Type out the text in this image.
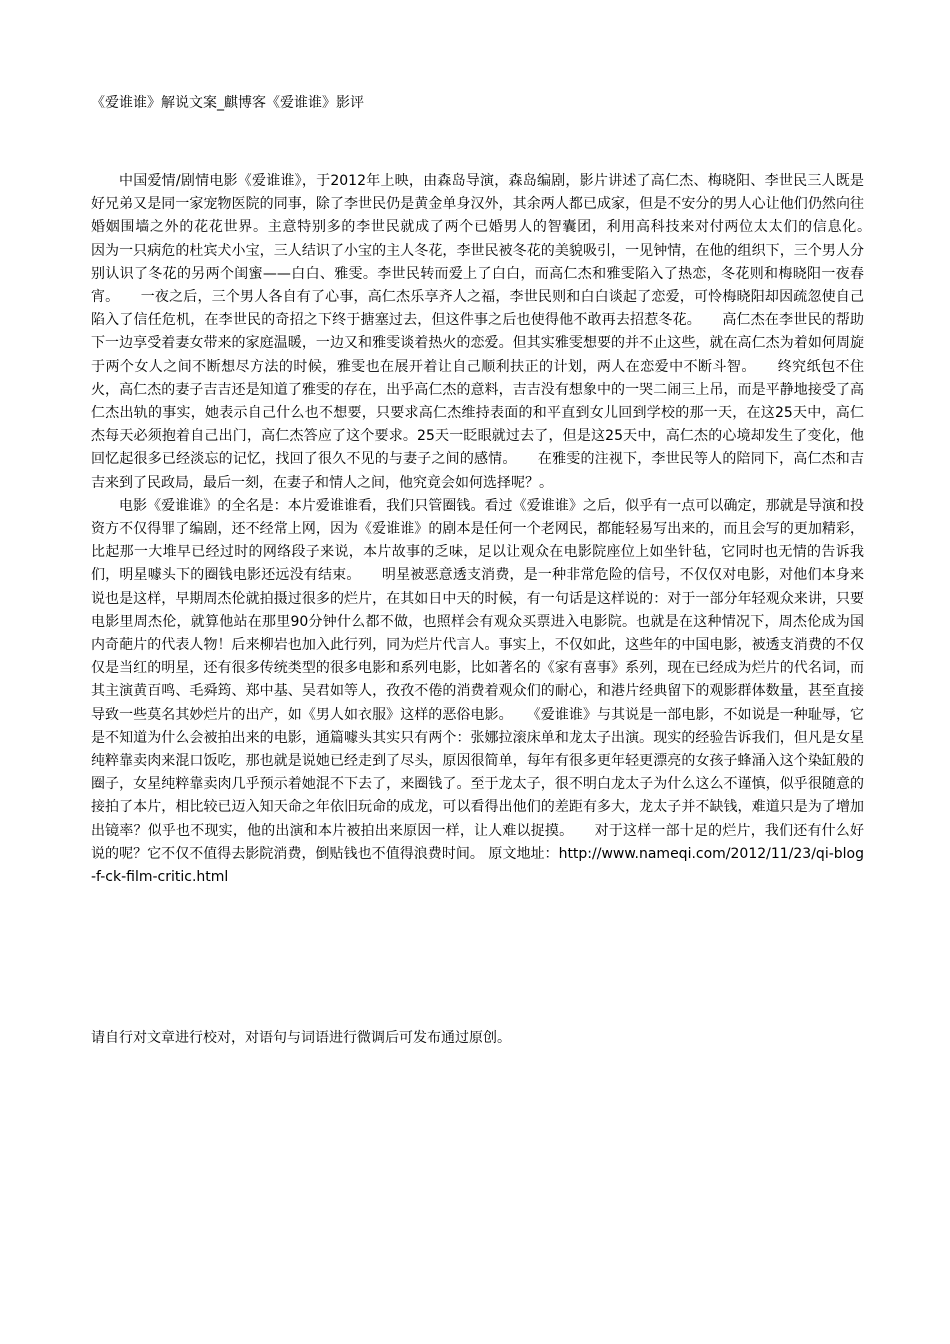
《爱谁谁》解说文案_麒博客《爱谁谁》影评

中国爱情/剧情电影《爱谁谁》，于2012年上映，由森岛导演，森岛编剧，影片讲述了高仁杰、梅晓阳、李世民三人既是好兄弟又是同一家宠物医院的同事，除了李世民仍是黄金单身汉外，其余两人都已成家，但是不安分的男人心让他们仍然向往婚姻围墙之外的花花世界。主意特别多的李世民就成了两个已婚男人的智囊团，利用高科技来对付两位太太们的信息化。　　因为一只病危的杜宾犬小宝，三人结识了小宝的主人冬花，李世民被冬花的美貌吸引，一见钟情，在他的组织下，三个男人分别认识了冬花的另两个闺蜜——白白、雅雯。李世民转而爱上了白白，而高仁杰和雅雯陷入了热恋，冬花则和梅晓阳一夜春宵。　　一夜之后，三个男人各自有了心事，高仁杰乐享齐人之福，李世民则和白白谈起了恋爱，可怜梅晓阳却因疏忽使自己陷入了信任危机，在李世民的奇招之下终于搪塞过去，但这件事之后也使得他不敢再去招惹冬花。　　高仁杰在李世民的帮助下一边享受着妻女带来的家庭温暖，一边又和雅雯谈着热火的恋爱。但其实雅雯想要的并不止这些，就在高仁杰为着如何周旋于两个女人之间不断想尽方法的时候，雅雯也在展开着让自己顺利扶正的计划，两人在恋爱中不断斗智。　　终究纸包不住火，高仁杰的妻子吉吉还是知道了雅雯的存在，出乎高仁杰的意料，吉吉没有想象中的一哭二闹三上吊，而是平静地接受了高仁杰出轨的事实，她表示自己什么也不想要，只要求高仁杰维持表面的和平直到女儿回到学校的那一天，在这25天中，高仁杰每天必须抱着自己出门，高仁杰答应了这个要求。25天一眨眼就过去了，但是这25天中，高仁杰的心境却发生了变化，他回忆起很多已经淡忘的记忆，找回了很久不见的与妻子之间的感情。　　在雅雯的注视下，李世民等人的陪同下，高仁杰和吉吉来到了民政局，最后一刻，在妻子和情人之间，他究竟会如何选择呢？。

电影《爱谁谁》的全名是：本片爱谁谁看，我们只管圈钱。看过《爱谁谁》之后，似乎有一点可以确定，那就是导演和投资方不仅得罪了编剧，还不经常上网，因为《爱谁谁》的剧本是任何一个老网民，都能轻易写出来的，而且会写的更加精彩，比起那一大堆早已经过时的网络段子来说，本片故事的乏味，足以让观众在电影院座位上如坐针毡，它同时也无情的告诉我们，明星噱头下的圈钱电影还远没有结束。　　明星被恶意透支消费，是一种非常危险的信号，不仅仅对电影，对他们本身来说也是这样，早期周杰伦就拍摄过很多的烂片，在其如日中天的时候，有一句话是这样说的：对于一部分年轻观众来讲，只要电影里周杰伦，就算他站在那里90分钟什么都不做，也照样会有观众买票进入电影院。也就是在这种情况下，周杰伦成为国内奇葩片的代表人物！后来柳岩也加入此行列，同为烂片代言人。事实上，不仅如此，这些年的中国电影，被透支消费的不仅仅是当红的明星，还有很多传统类型的很多电影和系列电影，比如著名的《家有喜事》系列，现在已经成为烂片的代名词，而其主演黄百鸣、毛舜筠、郑中基、吴君如等人，孜孜不倦的消费着观众们的耐心，和港片经典留下的观影群体数量，甚至直接导致一些莫名其妙烂片的出产，如《男人如衣服》这样的恶俗电影。　　《爱谁谁》与其说是一部电影，不如说是一种耻辱，它是不知道为什么会被拍出来的电影，通篇噱头其实只有两个：张娜拉滚床单和龙太子出演。现实的经验告诉我们，但凡是女星纯粹靠卖肉来混口饭吃，那也就是说她已经走到了尽头，原因很简单，每年有很多更年轻更漂亮的女孩子蜂涌入这个染缸般的圈子，女星纯粹靠卖肉几乎预示着她混不下去了，来圈钱了。至于龙太子，很不明白龙太子为什么这么不谨慎，似乎很随意的接拍了本片，相比较已迈入知天命之年依旧玩命的成龙，可以看得出他们的差距有多大，龙太子并不缺钱，难道只是为了增加出镜率？似乎也不现实，他的出演和本片被拍出来原因一样，让人难以捉摸。　　对于这样一部十足的烂片，我们还有什么好说的呢？它不仅不值得去影院消费，倒贴钱也不值得浪费时间。 原文地址：http://www.nameqi.com/2012/11/23/qi-blog-f-ck-film-critic.html

请自行对文章进行校对，对语句与词语进行微调后可发布通过原创。
